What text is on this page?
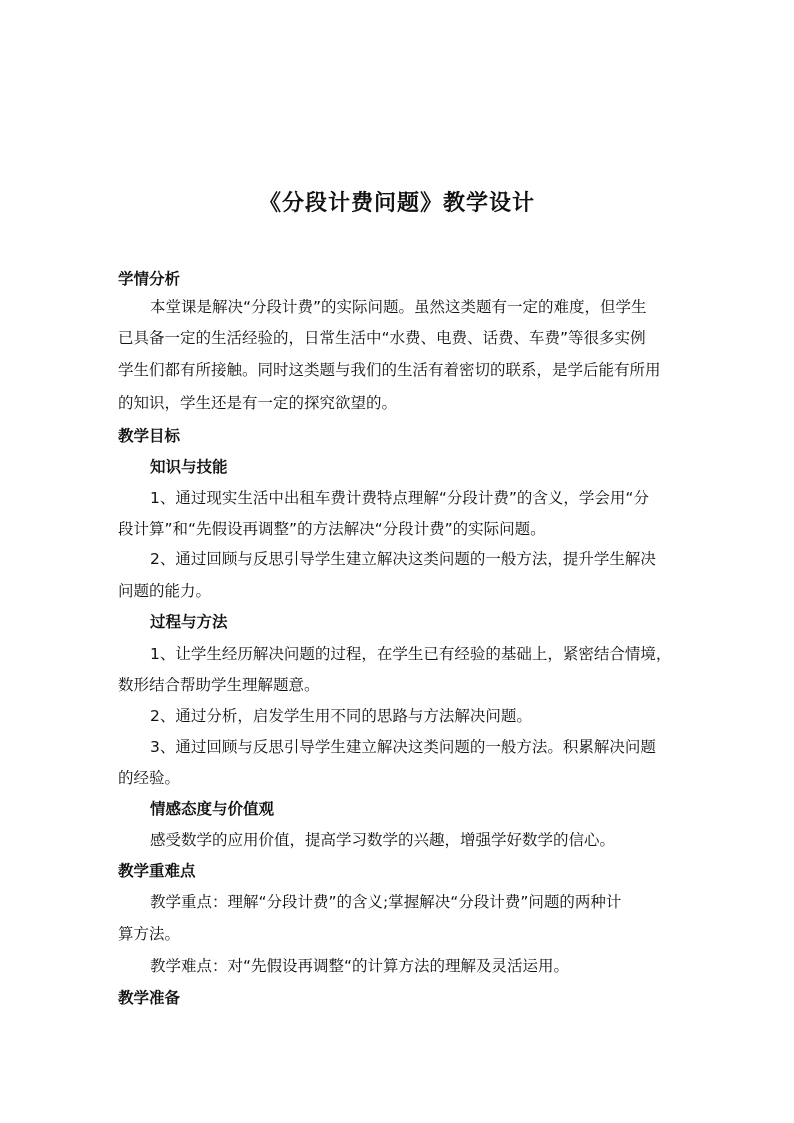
《分段计费问题》教学设计
学情分析
本堂课是解决“分段计费”的实际问题。虽然这类题有一定的难度，但学生
已具备一定的生活经验的，日常生活中“水费、电费、话费、车费”等很多实例
学生们都有所接触。同时这类题与我们的生活有着密切的联系，是学后能有所用
的知识，学生还是有一定的探究欲望的。
教学目标
知识与技能
1、通过现实生活中出租车费计费特点理解“分段计费”的含义，学会用“分
段计算”和“先假设再调整”的方法解决“分段计费”的实际问题。
2、通过回顾与反思引导学生建立解决这类问题的一般方法，提升学生解决
问题的能力。
过程与方法
1、让学生经历解决问题的过程，在学生已有经验的基础上，紧密结合情境，
数形结合帮助学生理解题意。
2、通过分析，启发学生用不同的思路与方法解决问题。
3、通过回顾与反思引导学生建立解决这类问题的一般方法。积累解决问题
的经验。
情感态度与价值观
感受数学的应用价值，提高学习数学的兴趣，增强学好数学的信心。
教学重难点
教学重点：理解“分段计费”的含义;掌握解决“分段计费”问题的两种计
算方法。
教学难点：对“先假设再调整“的计算方法的理解及灵活运用。
教学准备
